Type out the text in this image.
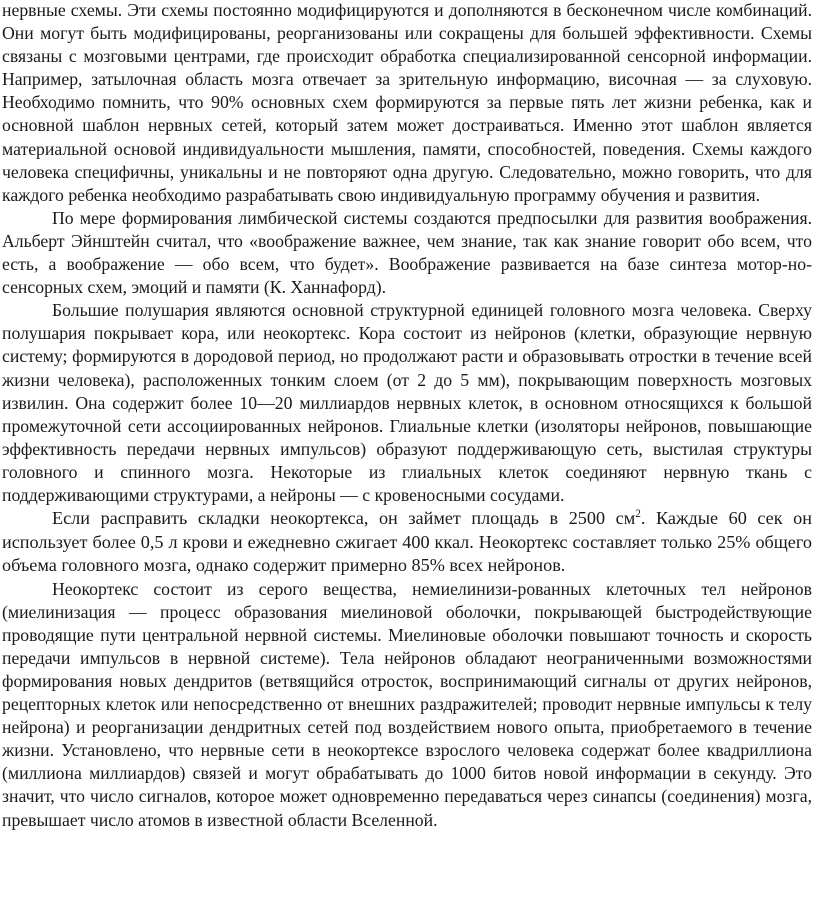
нервные схемы. Эти схемы постоянно модифицируются и дополняются в бесконечном числе комбинаций. Они могут быть модифицированы, реорганизованы или сокращены для большей эффективности. Схемы связаны с мозговыми центрами, где происходит обработка специализированной сенсорной информации. Например, затылочная область мозга отвечает за зрительную информацию, височная — за слуховую. Необходимо помнить, что 90% основных схем формируются за первые пять лет жизни ребенка, как и основной шаблон нервных сетей, который затем может достраиваться. Именно этот шаблон является материальной основой индивидуальности мышления, памяти, способностей, поведения. Схемы каждого человека специфичны, уникальны и не повторяют одна другую. Следовательно, можно говорить, что для каждого ребенка необходимо разрабатывать свою индивидуальную программу обучения и развития.

По мере формирования лимбической системы создаются предпосылки для развития воображения. Альберт Эйнштейн считал, что «воображение важнее, чем знание, так как знание говорит обо всем, что есть, а воображение — обо всем, что будет». Воображение развивается на базе синтеза мотор-но-сенсорных схем, эмоций и памяти (К. Ханнафорд).

Большие полушария являются основной структурной единицей головного мозга человека. Сверху полушария покрывает кора, или неокортекс. Кора состоит из нейронов (клетки, образующие нервную систему; формируются в дородовой период, но продолжают расти и образовывать отростки в течение всей жизни человека), расположенных тонким слоем (от 2 до 5 мм), покрывающим поверхность мозговых извилин. Она содержит более 10—20 миллиардов нервных клеток, в основном относящихся к большой промежуточной сети ассоциированных нейронов. Глиальные клетки (изоляторы нейронов, повышающие эффективность передачи нервных импульсов) образуют поддерживающую сеть, выстилая структуры головного и спинного мозга. Некоторые из глиальных клеток соединяют нервную ткань с поддерживающими структурами, а нейроны — с кровеносными сосудами.

Если расправить складки неокортекса, он займет площадь в 2500 $см^2$. Каждые 60 сек он использует более 0,5 л крови и ежедневно сжигает 400 ккал. Неокортекс составляет только 25% общего объема головного мозга, однако содержит примерно 85% всех нейронов.

Неокортекс состоит из серого вещества, немиелинизи-рованных клеточных тел нейронов (миелинизация — процесс образования миелиновой оболочки, покрывающей быстродействующие проводящие пути центральной нервной системы. Миелиновые оболочки повышают точность и скорость передачи импульсов в нервной системе). Тела нейронов обладают неограниченными возможностями формирования новых дендритов (ветвящийся отросток, воспринимающий сигналы от других нейронов, рецепторных клеток или непосредственно от внешних раздражителей; проводит нервные импульсы к телу нейрона) и реорганизации дендритных сетей под воздействием нового опыта, приобретаемого в течение жизни. Установлено, что нервные сети в неокортексе взрослого человека содержат более квадриллиона (миллиона миллиардов) связей и могут обрабатывать до 1000 битов новой информации в секунду. Это значит, что число сигналов, которое может одновременно передаваться через синапсы (соединения) мозга, превышает число атомов в известной области Вселенной.
